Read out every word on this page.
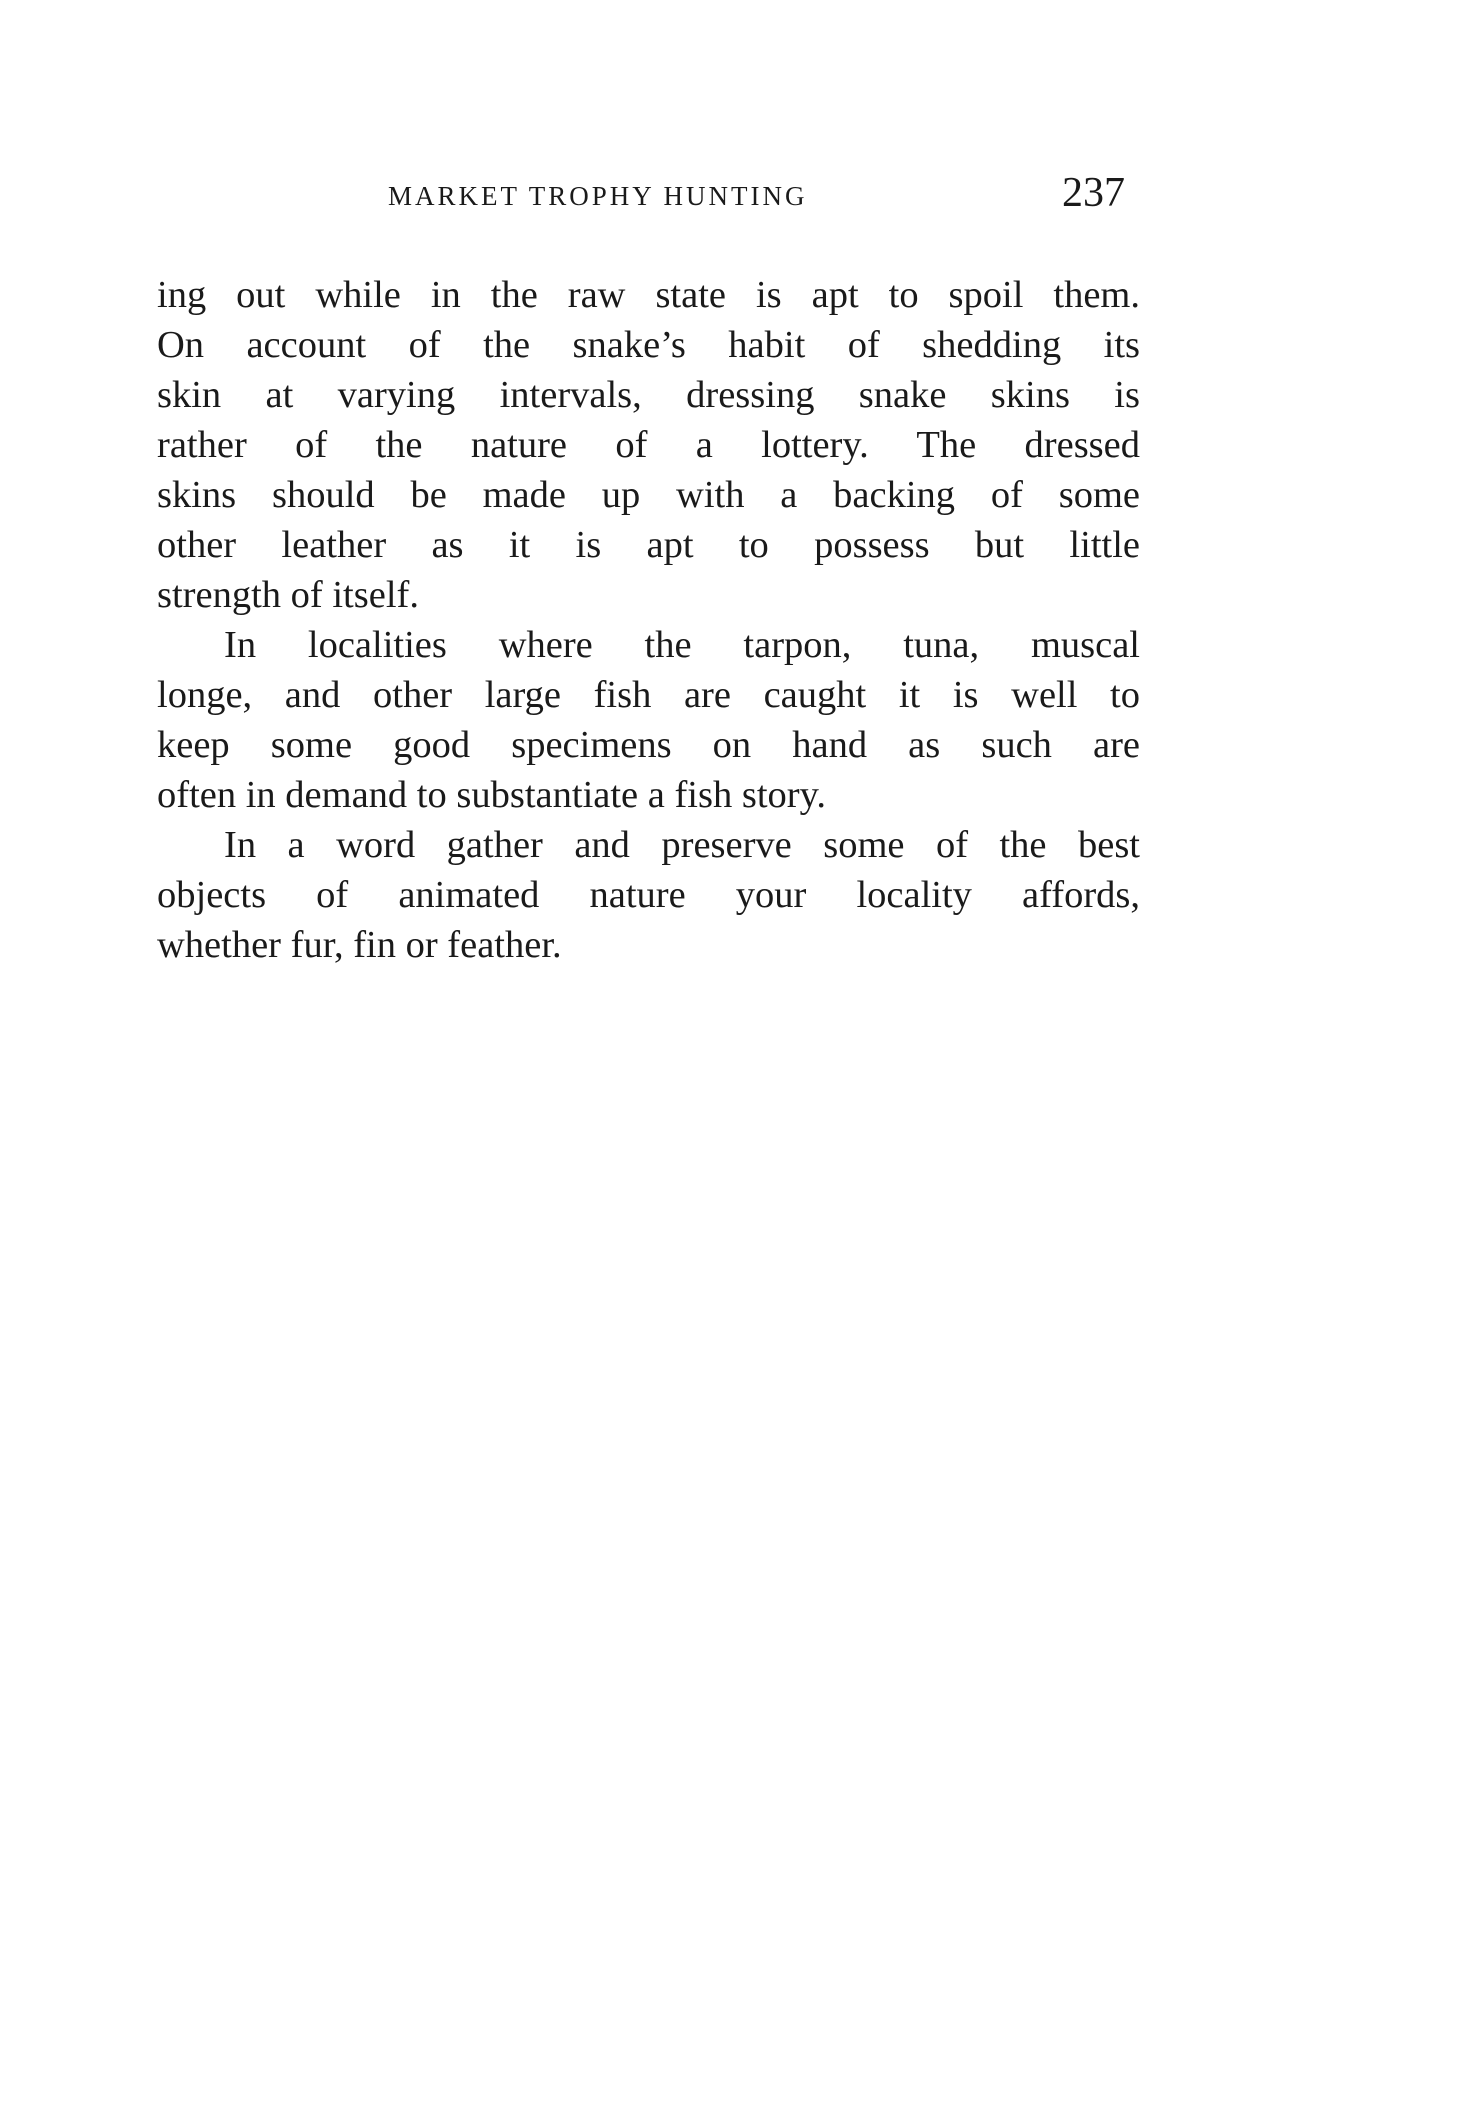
MARKET TROPHY HUNTING	237
ing out while in the raw state is apt to spoil them.
On account of the snake’s habit of shedding its
skin at varying intervals, dressing snake skins is
rather of the nature of a lottery. The dressed
skins should be made up with a backing of some
other leather as it is apt to possess but little
strength of itself.
In localities where the tarpon, tuna, muscal
longe, and other large fish are caught it is well to
keep some good specimens on hand as such are
often in demand to substantiate a fish story.
In a word gather and preserve some of the best
objects of animated nature your locality affords,
whether fur, fin or feather.
